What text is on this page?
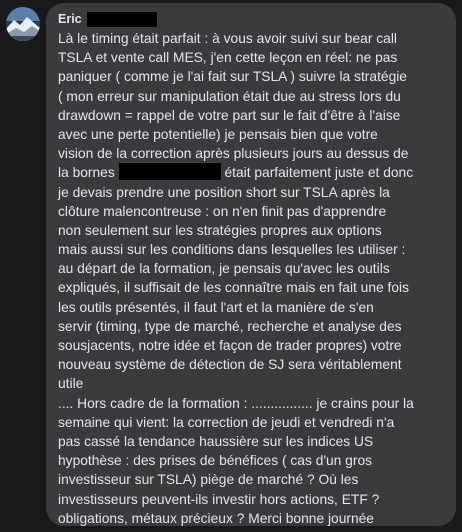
Eric
Là le timing était parfait : à vous avoir suivi sur bear call
TSLA et vente call MES, j'en cette leçon en réel: ne pas
paniquer ( comme je l'ai fait sur TSLA ) suivre la stratégie
( mon erreur sur manipulation était due au stress lors du
drawdown = rappel de votre part sur le fait d'être à l'aise
avec une perte potentielle) je pensais bien que votre
vision de la correction après plusieurs jours au dessus de
la bornes	était parfaitement juste et donc
je devais prendre une position short sur TSLA après la
clôture malencontreuse : on n'en finit pas d'apprendre
non seulement sur les stratégies propres aux options
mais aussi sur les conditions dans lesquelles les utiliser :
au départ de la formation, je pensais qu'avec les outils
expliqués, il suffisait de les connaître mais en fait une fois
les outils présentés, il faut l'art et la manière de s'en
servir (timing, type de marché, recherche et analyse des
sousjacents, notre idée et façon de trader propres) votre
nouveau système de détection de SJ sera véritablement
utile
.... Hors cadre de la formation : ................ je crains pour la
semaine qui vient: la correction de jeudi et vendredi n'a
pas cassé la tendance haussière sur les indices US
hypothèse : des prises de bénéfices ( cas d'un gros
investisseur sur TSLA) piège de marché ? Où les
investisseurs peuvent-ils investir hors actions, ETF ?
obligations, métaux précieux ? Merci bonne journée
